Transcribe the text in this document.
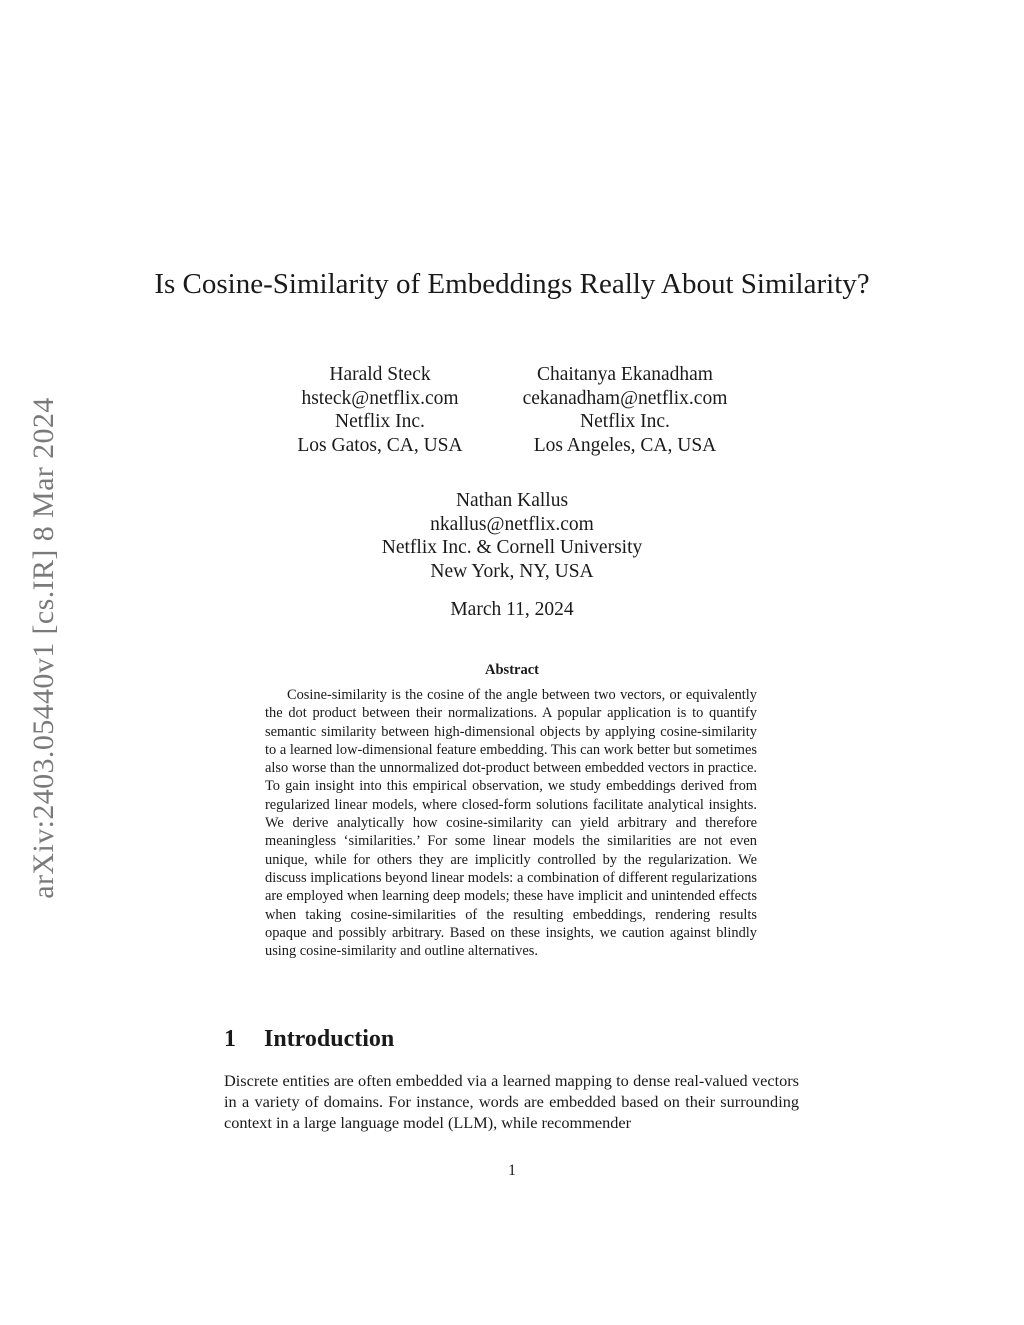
arXiv:2403.05440v1 [cs.IR] 8 Mar 2024
Is Cosine-Similarity of Embeddings Really About Similarity?
Harald Steck
hsteck@netflix.com
Netflix Inc.
Los Gatos, CA, USA
Chaitanya Ekanadham
cekanadham@netflix.com
Netflix Inc.
Los Angeles, CA, USA
Nathan Kallus
nkallus@netflix.com
Netflix Inc. & Cornell University
New York, NY, USA
March 11, 2024
Abstract

Cosine-similarity is the cosine of the angle between two vectors, or equivalently the dot product between their normalizations. A popular application is to quantify semantic similarity between high-dimensional objects by applying cosine-similarity to a learned low-dimensional feature embedding. This can work better but sometimes also worse than the unnormalized dot-product between embedded vectors in practice. To gain insight into this empirical observation, we study embeddings derived from regularized linear models, where closed-form solutions facilitate analytical insights. We derive analytically how cosine-similarity can yield arbitrary and therefore meaningless ‘similarities.’ For some linear models the similarities are not even unique, while for others they are implicitly controlled by the regularization. We discuss implications beyond linear models: a combination of different regularizations are employed when learning deep models; these have implicit and unintended effects when taking cosine-similarities of the resulting embeddings, rendering results opaque and possibly arbitrary. Based on these insights, we caution against blindly using cosine-similarity and outline alternatives.

1 Introduction

Discrete entities are often embedded via a learned mapping to dense real-valued vectors in a variety of domains. For instance, words are embedded based on their surrounding context in a large language model (LLM), while recommender

1
